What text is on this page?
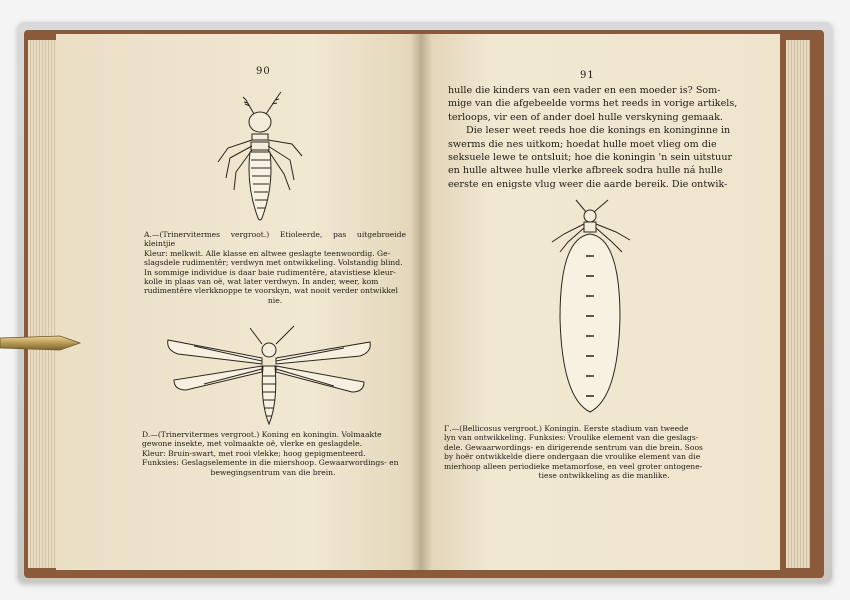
90
A.—(Trinervitermes vergroot.) Etioleerde, pas uitgebroeide kleintjie
Kleur: melkwit. Alle klasse en altwee geslagte teenwoordig. Ge-
slagsdele rudimentêr; verdwyn met ontwikkeling. Volstandig blind.
In sommige individue is daar baie rudimentêre, atavistiese kleur-
kolle in plaas van oë, wat later verdwyn. In ander, weer, kom
rudimentêre vlerkknoppe te voorskyn, wat nooit verder ontwikkel
nie.
D.—(Trinervitermes vergroot.) Koning en koningin. Volmaakte
gewone insekte, met volmaakte oë, vlerke en geslagdele.
Kleur: Bruin-swart, met rooi vlekke; hoog gepigmenteerd.
Funksies: Geslagselemente in die miershoop. Gewaarwordings- en
bewegingsentrum van die brein.
91

hulle die kinders van een vader en een moeder is? Som-
mige van die afgebeelde vorms het reeds in vorige artikels,
terloops, vir een of ander doel hulle verskyning gemaak.

Die leser weet reeds hoe die konings en koninginne in
swerms die nes uitkom; hoedat hulle moet vlieg om die
seksuele lewe te ontsluit; hoe die koningin 'n sein uitstuur
en hulle altwee hulle vlerke afbreek sodra hulle ná hulle
eerste en enigste vlug weer die aarde bereik. Die ontwik-

Γ.—(Bellicosus vergroot.) Koningin. Eerste stadium van tweede
lyn van ontwikkeling. Funksies: Vroulike element van die geslags-
dele. Gewaarwordings- en dirigerende sentrum van die brein. Soos
by hoër ontwikkelde diere ondergaan die vroulike element van die
mierhoop alleen periodieke metamorfose, en veel groter ontogene-
tiese ontwikkeling as die manlike.
